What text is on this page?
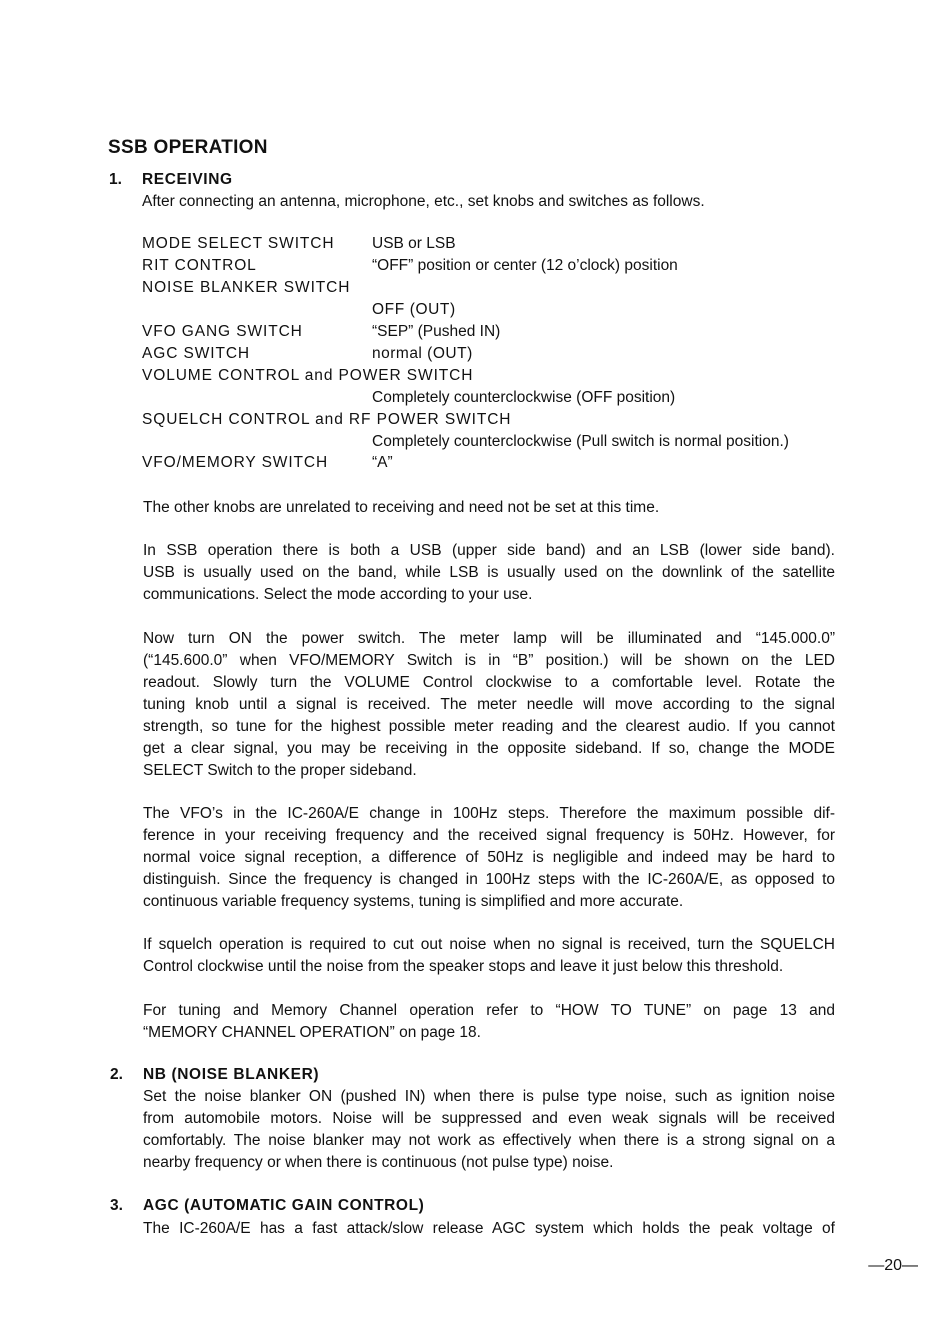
SSB OPERATION
1. RECEIVING
After connecting an antenna, microphone, etc., set knobs and switches as follows.
MODE SELECT SWITCH USB or LSB
RIT CONTROL	“OFF” position or center (12 o’clock) position
NOISE BLANKER SWITCH
OFF (OUT)
VFO GANG SWITCH	“SEP” (Pushed IN)
AGC SWITCH	normal (OUT)
VOLUME CONTROL and POWER SWITCH
Completely counterclockwise (OFF position)
SQUELCH CONTROL and RF POWER SWITCH
Completely counterclockwise (Pull switch is normal position.)
VFO/MEMORY SWITCH	“A”
The other knobs are unrelated to receiving and need not be set at this time.
In SSB operation there is both a USB (upper side band) and an LSB (lower side band).
USB is usually used on the band, while LSB is usually used on the downlink of the satellite
communications. Select the mode according to your use.
Now turn ON the power switch. The meter lamp will be illuminated and “145.000.0”
(“145.600.0” when VFO/MEMORY Switch is in “B” position.) will be shown on the LED
readout. Slowly turn the VOLUME Control clockwise to a comfortable level. Rotate the
tuning knob until a signal is received. The meter needle will move according to the signal
strength, so tune for the highest possible meter reading and the clearest audio. If you cannot
get a clear signal, you may be receiving in the opposite sideband. If so, change the MODE
SELECT Switch to the proper sideband.
The VFO’s in the IC-260A/E change in 100Hz steps. Therefore the maximum possible dif-
ference in your receiving frequency and the received signal frequency is 50Hz. However, for
normal voice signal reception, a difference of 50Hz is negligible and indeed may be hard to
distinguish. Since the frequency is changed in 100Hz steps with the IC-260A/E, as opposed to
continuous variable frequency systems, tuning is simplified and more accurate.
If squelch operation is required to cut out noise when no signal is received, turn the SQUELCH
Control clockwise until the noise from the speaker stops and leave it just below this threshold.
For tuning and Memory Channel operation refer to “HOW TO TUNE” on page 13 and
“MEMORY CHANNEL OPERATION” on page 18.
2. NB (NOISE BLANKER)
Set the noise blanker ON (pushed IN) when there is pulse type noise, such as ignition noise
from automobile motors. Noise will be suppressed and even weak signals will be received
comfortably. The noise blanker may not work as effectively when there is a strong signal on a
nearby frequency or when there is continuous (not pulse type) noise.
3. AGC (AUTOMATIC GAIN CONTROL)
The IC-260A/E has a fast attack/slow release AGC system which holds the peak voltage of
—20—
